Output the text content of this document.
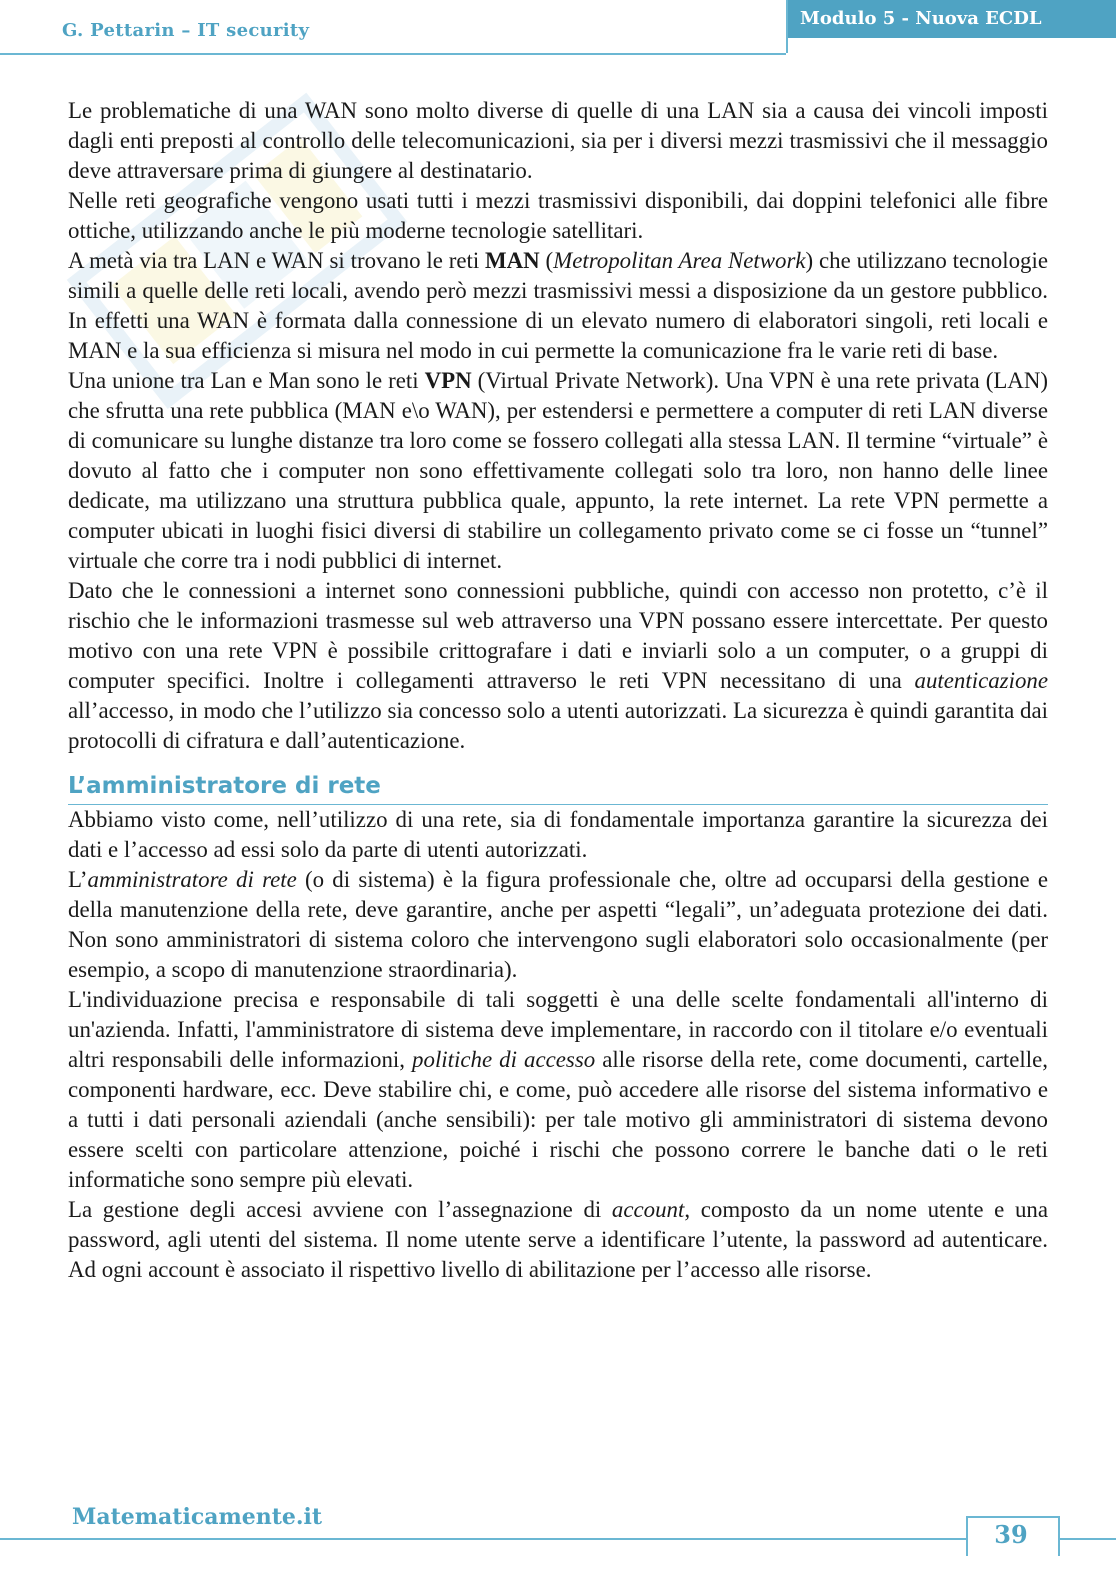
G. Pettarin – IT security
Modulo 5 - Nuova ECDL

Le problematiche di una WAN sono molto diverse di quelle di una LAN sia a causa dei vincoli imposti dagli enti preposti al controllo delle telecomunicazioni, sia per i diversi mezzi trasmissivi che il messaggio deve attraversare prima di giungere al destinatario.

Nelle reti geografiche vengono usati tutti i mezzi trasmissivi disponibili, dai doppini telefonici alle fibre ottiche, utilizzando anche le più moderne tecnologie satellitari.

A metà via tra LAN e WAN si trovano le reti MAN (Metropolitan Area Network) che utilizzano tecnologie simili a quelle delle reti locali, avendo però mezzi trasmissivi messi a disposizione da un gestore pubblico. In effetti una WAN è formata dalla connessione di un elevato numero di elaboratori singoli, reti locali e MAN e la sua efficienza si misura nel modo in cui permette la comunicazione fra le varie reti di base.

Una unione tra Lan e Man sono le reti VPN (Virtual Private Network). Una VPN è una rete privata (LAN) che sfrutta una rete pubblica (MAN e\o WAN), per estendersi e permettere a computer di reti LAN diverse di comunicare su lunghe distanze tra loro come se fossero collegati alla stessa LAN. Il termine “virtuale” è dovuto al fatto che i computer non sono effettivamente collegati solo tra loro, non hanno delle linee dedicate, ma utilizzano una struttura pubblica quale, appunto, la rete internet. La rete VPN permette a computer ubicati in luoghi fisici diversi di stabilire un collegamento privato come se ci fosse un “tunnel” virtuale che corre tra i nodi pubblici di internet.

Dato che le connessioni a internet sono connessioni pubbliche, quindi con accesso non protetto, c’è il rischio che le informazioni trasmesse sul web attraverso una VPN possano essere intercettate. Per questo motivo con una rete VPN è possibile crittografare i dati e inviarli solo a un computer, o a gruppi di computer specifici. Inoltre i collegamenti attraverso le reti VPN necessitano di una autenticazione all’accesso, in modo che l’utilizzo sia concesso solo a utenti autorizzati. La sicurezza è quindi garantita dai protocolli di cifratura e dall’autenticazione.

L’amministratore di rete

Abbiamo visto come, nell’utilizzo di una rete, sia di fondamentale importanza garantire la sicurezza dei dati e l’accesso ad essi solo da parte di utenti autorizzati.

L’amministratore di rete (o di sistema) è la figura professionale che, oltre ad occuparsi della gestione e della manutenzione della rete, deve garantire, anche per aspetti “legali”, un’adeguata protezione dei dati. Non sono amministratori di sistema coloro che intervengono sugli elaboratori solo occasionalmente (per esempio, a scopo di manutenzione straordinaria).

L'individuazione precisa e responsabile di tali soggetti è una delle scelte fondamentali all'interno di un'azienda. Infatti, l'amministratore di sistema deve implementare, in raccordo con il titolare e/o eventuali altri responsabili delle informazioni, politiche di accesso alle risorse della rete, come documenti, cartelle, componenti hardware, ecc. Deve stabilire chi, e come, può accedere alle risorse del sistema informativo e a tutti i dati personali aziendali (anche sensibili): per tale motivo gli amministratori di sistema devono essere scelti con particolare attenzione, poiché i rischi che possono correre le banche dati o le reti informatiche sono sempre più elevati.

La gestione degli accesi avviene con l’assegnazione di account, composto da un nome utente e una password, agli utenti del sistema. Il nome utente serve a identificare l’utente, la password ad autenticare. Ad ogni account è associato il rispettivo livello di abilitazione per l’accesso alle risorse.

Matematicamente.it
39
